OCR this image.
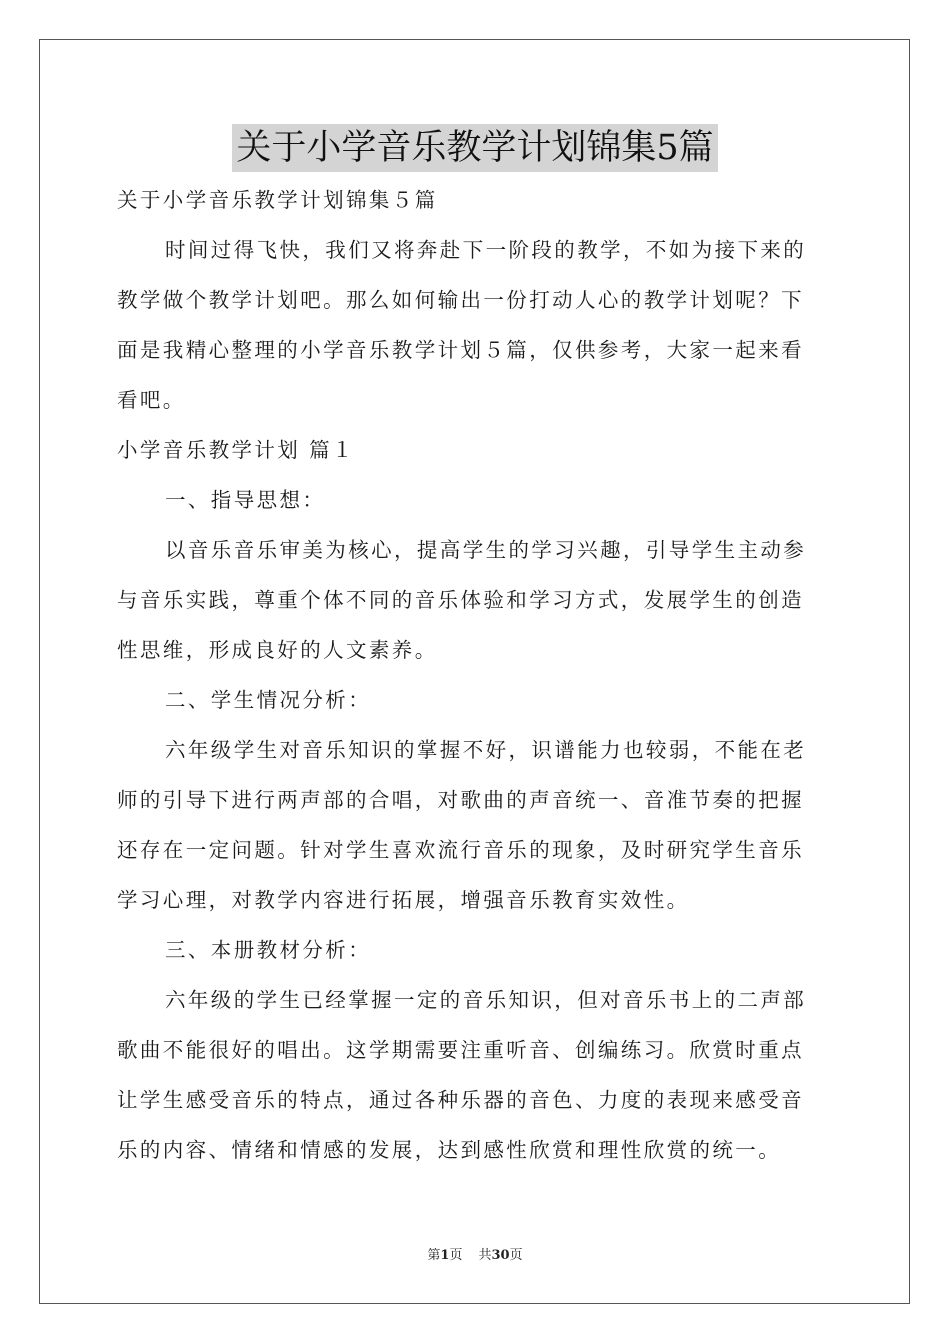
关于小学音乐教学计划锦集5篇
关于小学音乐教学计划锦集５篇
时间过得飞快，我们又将奔赴下一阶段的教学，不如为接下来的
教学做个教学计划吧。那么如何输出一份打动人心的教学计划呢？下
面是我精心整理的小学音乐教学计划５篇，仅供参考，大家一起来看
看吧。
小学音乐教学计划 篇１
一、指导思想：
以音乐音乐审美为核心，提高学生的学习兴趣，引导学生主动参
与音乐实践，尊重个体不同的音乐体验和学习方式，发展学生的创造
性思维，形成良好的人文素养。
二、学生情况分析：
六年级学生对音乐知识的掌握不好，识谱能力也较弱，不能在老
师的引导下进行两声部的合唱，对歌曲的声音统一、音准节奏的把握
还存在一定问题。针对学生喜欢流行音乐的现象，及时研究学生音乐
学习心理，对教学内容进行拓展，增强音乐教育实效性。
三、本册教材分析：
六年级的学生已经掌握一定的音乐知识，但对音乐书上的二声部
歌曲不能很好的唱出。这学期需要注重听音、创编练习。欣赏时重点
让学生感受音乐的特点，通过各种乐器的音色、力度的表现来感受音
乐的内容、情绪和情感的发展，达到感性欣赏和理性欣赏的统一。
第1页 共30页
